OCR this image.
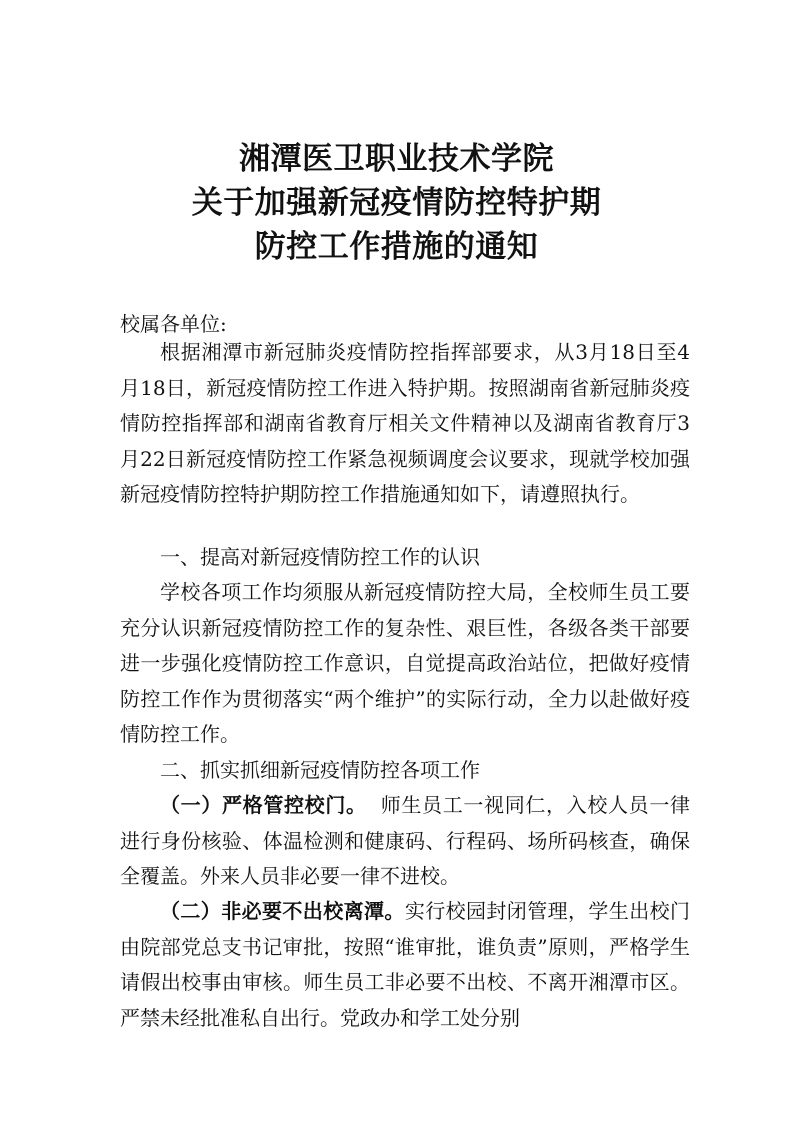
湘潭医卫职业技术学院
关于加强新冠疫情防控特护期
防控工作措施的通知

校属各单位:

根据湘潭市新冠肺炎疫情防控指挥部要求，从3月18日至4月18日，新冠疫情防控工作进入特护期。按照湖南省新冠肺炎疫情防控指挥部和湖南省教育厅相关文件精神以及湖南省教育厅3月22日新冠疫情防控工作紧急视频调度会议要求，现就学校加强新冠疫情防控特护期防控工作措施通知如下，请遵照执行。

一、提高对新冠疫情防控工作的认识

学校各项工作均须服从新冠疫情防控大局，全校师生员工要充分认识新冠疫情防控工作的复杂性、艰巨性，各级各类干部要进一步强化疫情防控工作意识，自觉提高政治站位，把做好疫情防控工作作为贯彻落实“两个维护”的实际行动，全力以赴做好疫情防控工作。

二、抓实抓细新冠疫情防控各项工作

（一）严格管控校门。 师生员工一视同仁，入校人员一律进行身份核验、体温检测和健康码、行程码、场所码核查，确保全覆盖。外来人员非必要一律不进校。

（二）非必要不出校离潭。实行校园封闭管理，学生出校门由院部党总支书记审批，按照“谁审批，谁负责”原则，严格学生请假出校事由审核。师生员工非必要不出校、不离开湘潭市区。严禁未经批准私自出行。党政办和学工处分别
